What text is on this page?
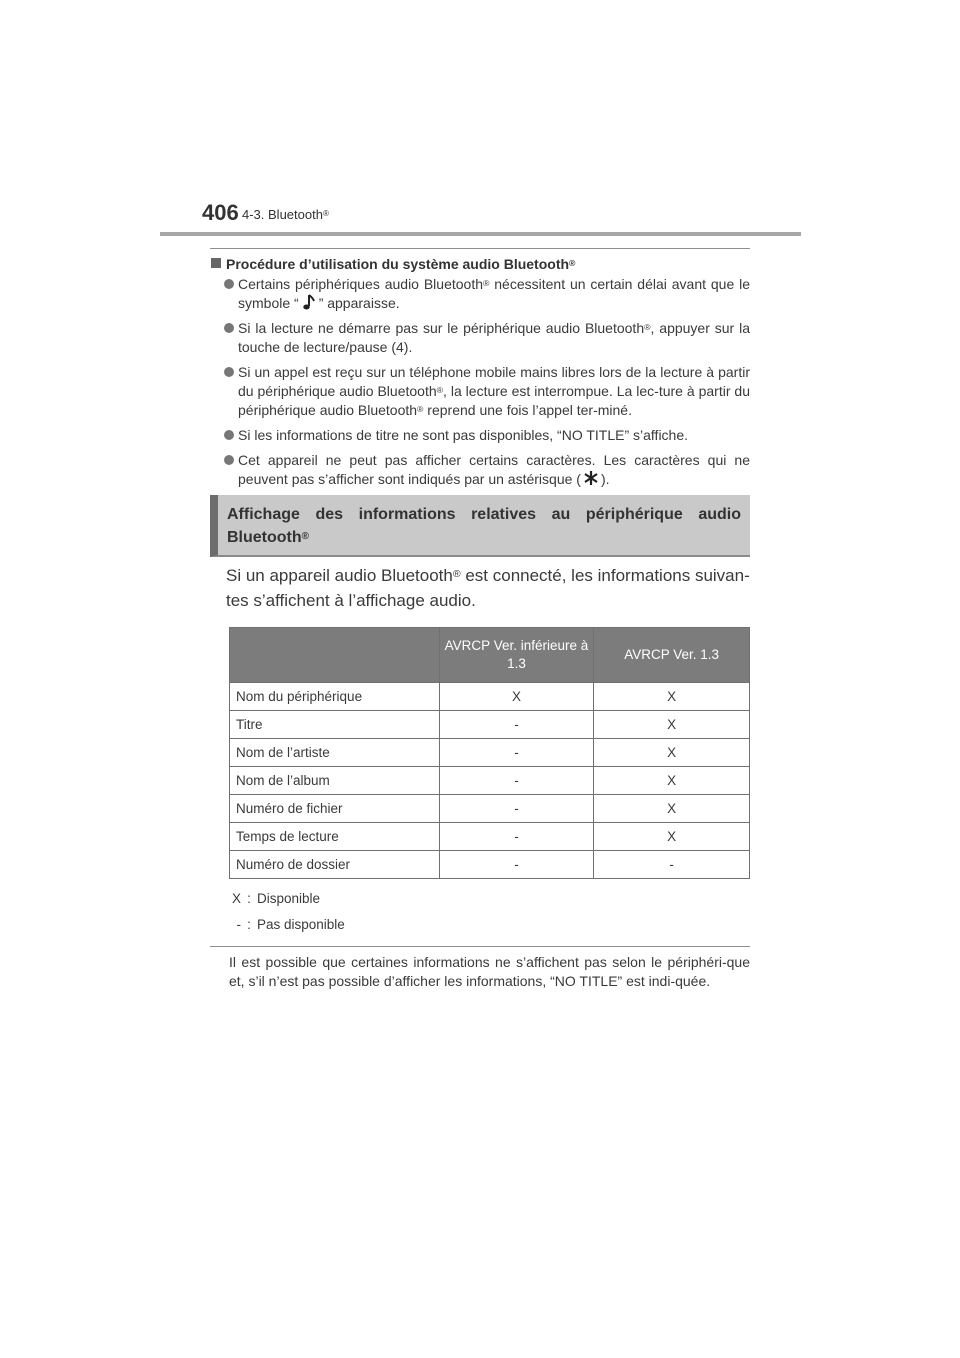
406 4-3. Bluetooth®
Procédure d’utilisation du système audio Bluetooth®
Certains périphériques audio Bluetooth® nécessitent un certain délai avant que le symbole “ ” apparaisse.
Si la lecture ne démarre pas sur le périphérique audio Bluetooth®, appuyer sur la touche de lecture/pause (4).
Si un appel est reçu sur un téléphone mobile mains libres lors de la lecture à partir du périphérique audio Bluetooth®, la lecture est interrompue. La lec-ture à partir du périphérique audio Bluetooth® reprend une fois l’appel ter-miné.
Si les informations de titre ne sont pas disponibles, “NO TITLE” s’affiche.
Cet appareil ne peut pas afficher certains caractères. Les caractères qui ne peuvent pas s’afficher sont indiqués par un astérisque ( ).
Affichage des informations relatives au périphérique audio Bluetooth®
Si un appareil audio Bluetooth® est connecté, les informations suivan-tes s’affichent à l’affichage audio.
	AVRCP Ver. inférieure à 1.3	AVRCP Ver. 1.3
Nom du périphérique	X	X
Titre	-	X
Nom de l’artiste	-	X
Nom de l’album	-	X
Numéro de fichier	-	X
Temps de lecture	-	X
Numéro de dossier	-	-
X : Disponible
- : Pas disponible
Il est possible que certaines informations ne s’affichent pas selon le périphéri-que et, s’il n’est pas possible d’afficher les informations, “NO TITLE” est indi-quée.
